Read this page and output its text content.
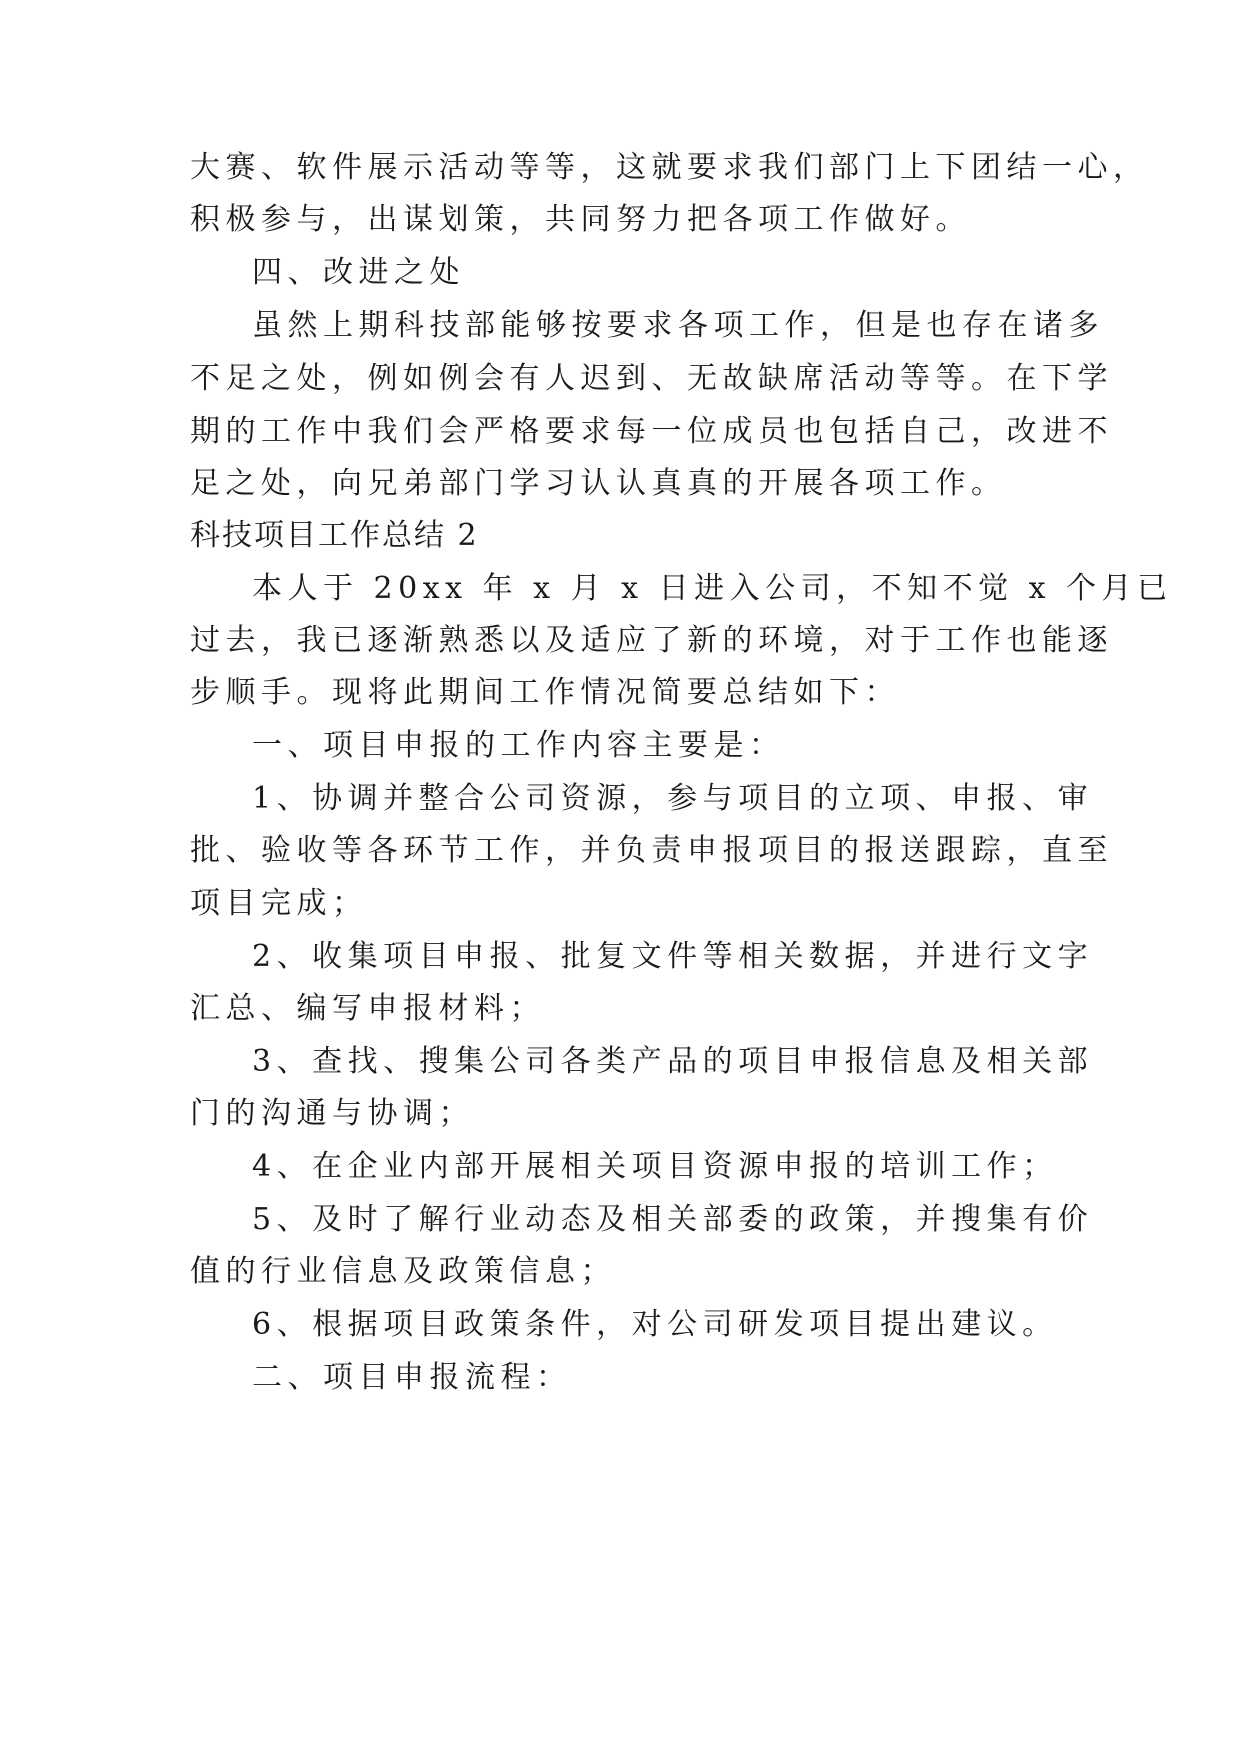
大赛、软件展示活动等等，这就要求我们部门上下团结一心，
积极参与，出谋划策，共同努力把各项工作做好。
四、改进之处
虽然上期科技部能够按要求各项工作，但是也存在诸多
不足之处，例如例会有人迟到、无故缺席活动等等。在下学
期的工作中我们会严格要求每一位成员也包括自己，改进不
足之处，向兄弟部门学习认认真真的开展各项工作。
科技项目工作总结 2
本人于 20xx 年 x 月 x 日进入公司，不知不觉 x 个月已
过去，我已逐渐熟悉以及适应了新的环境，对于工作也能逐
步顺手。现将此期间工作情况简要总结如下：
一、项目申报的工作内容主要是：
1、协调并整合公司资源，参与项目的立项、申报、审
批、验收等各环节工作，并负责申报项目的报送跟踪，直至
项目完成；
2、收集项目申报、批复文件等相关数据，并进行文字
汇总、编写申报材料；
3、查找、搜集公司各类产品的项目申报信息及相关部
门的沟通与协调；
4、在企业内部开展相关项目资源申报的培训工作；
5、及时了解行业动态及相关部委的政策，并搜集有价
值的行业信息及政策信息；
6、根据项目政策条件，对公司研发项目提出建议。
二、项目申报流程：
